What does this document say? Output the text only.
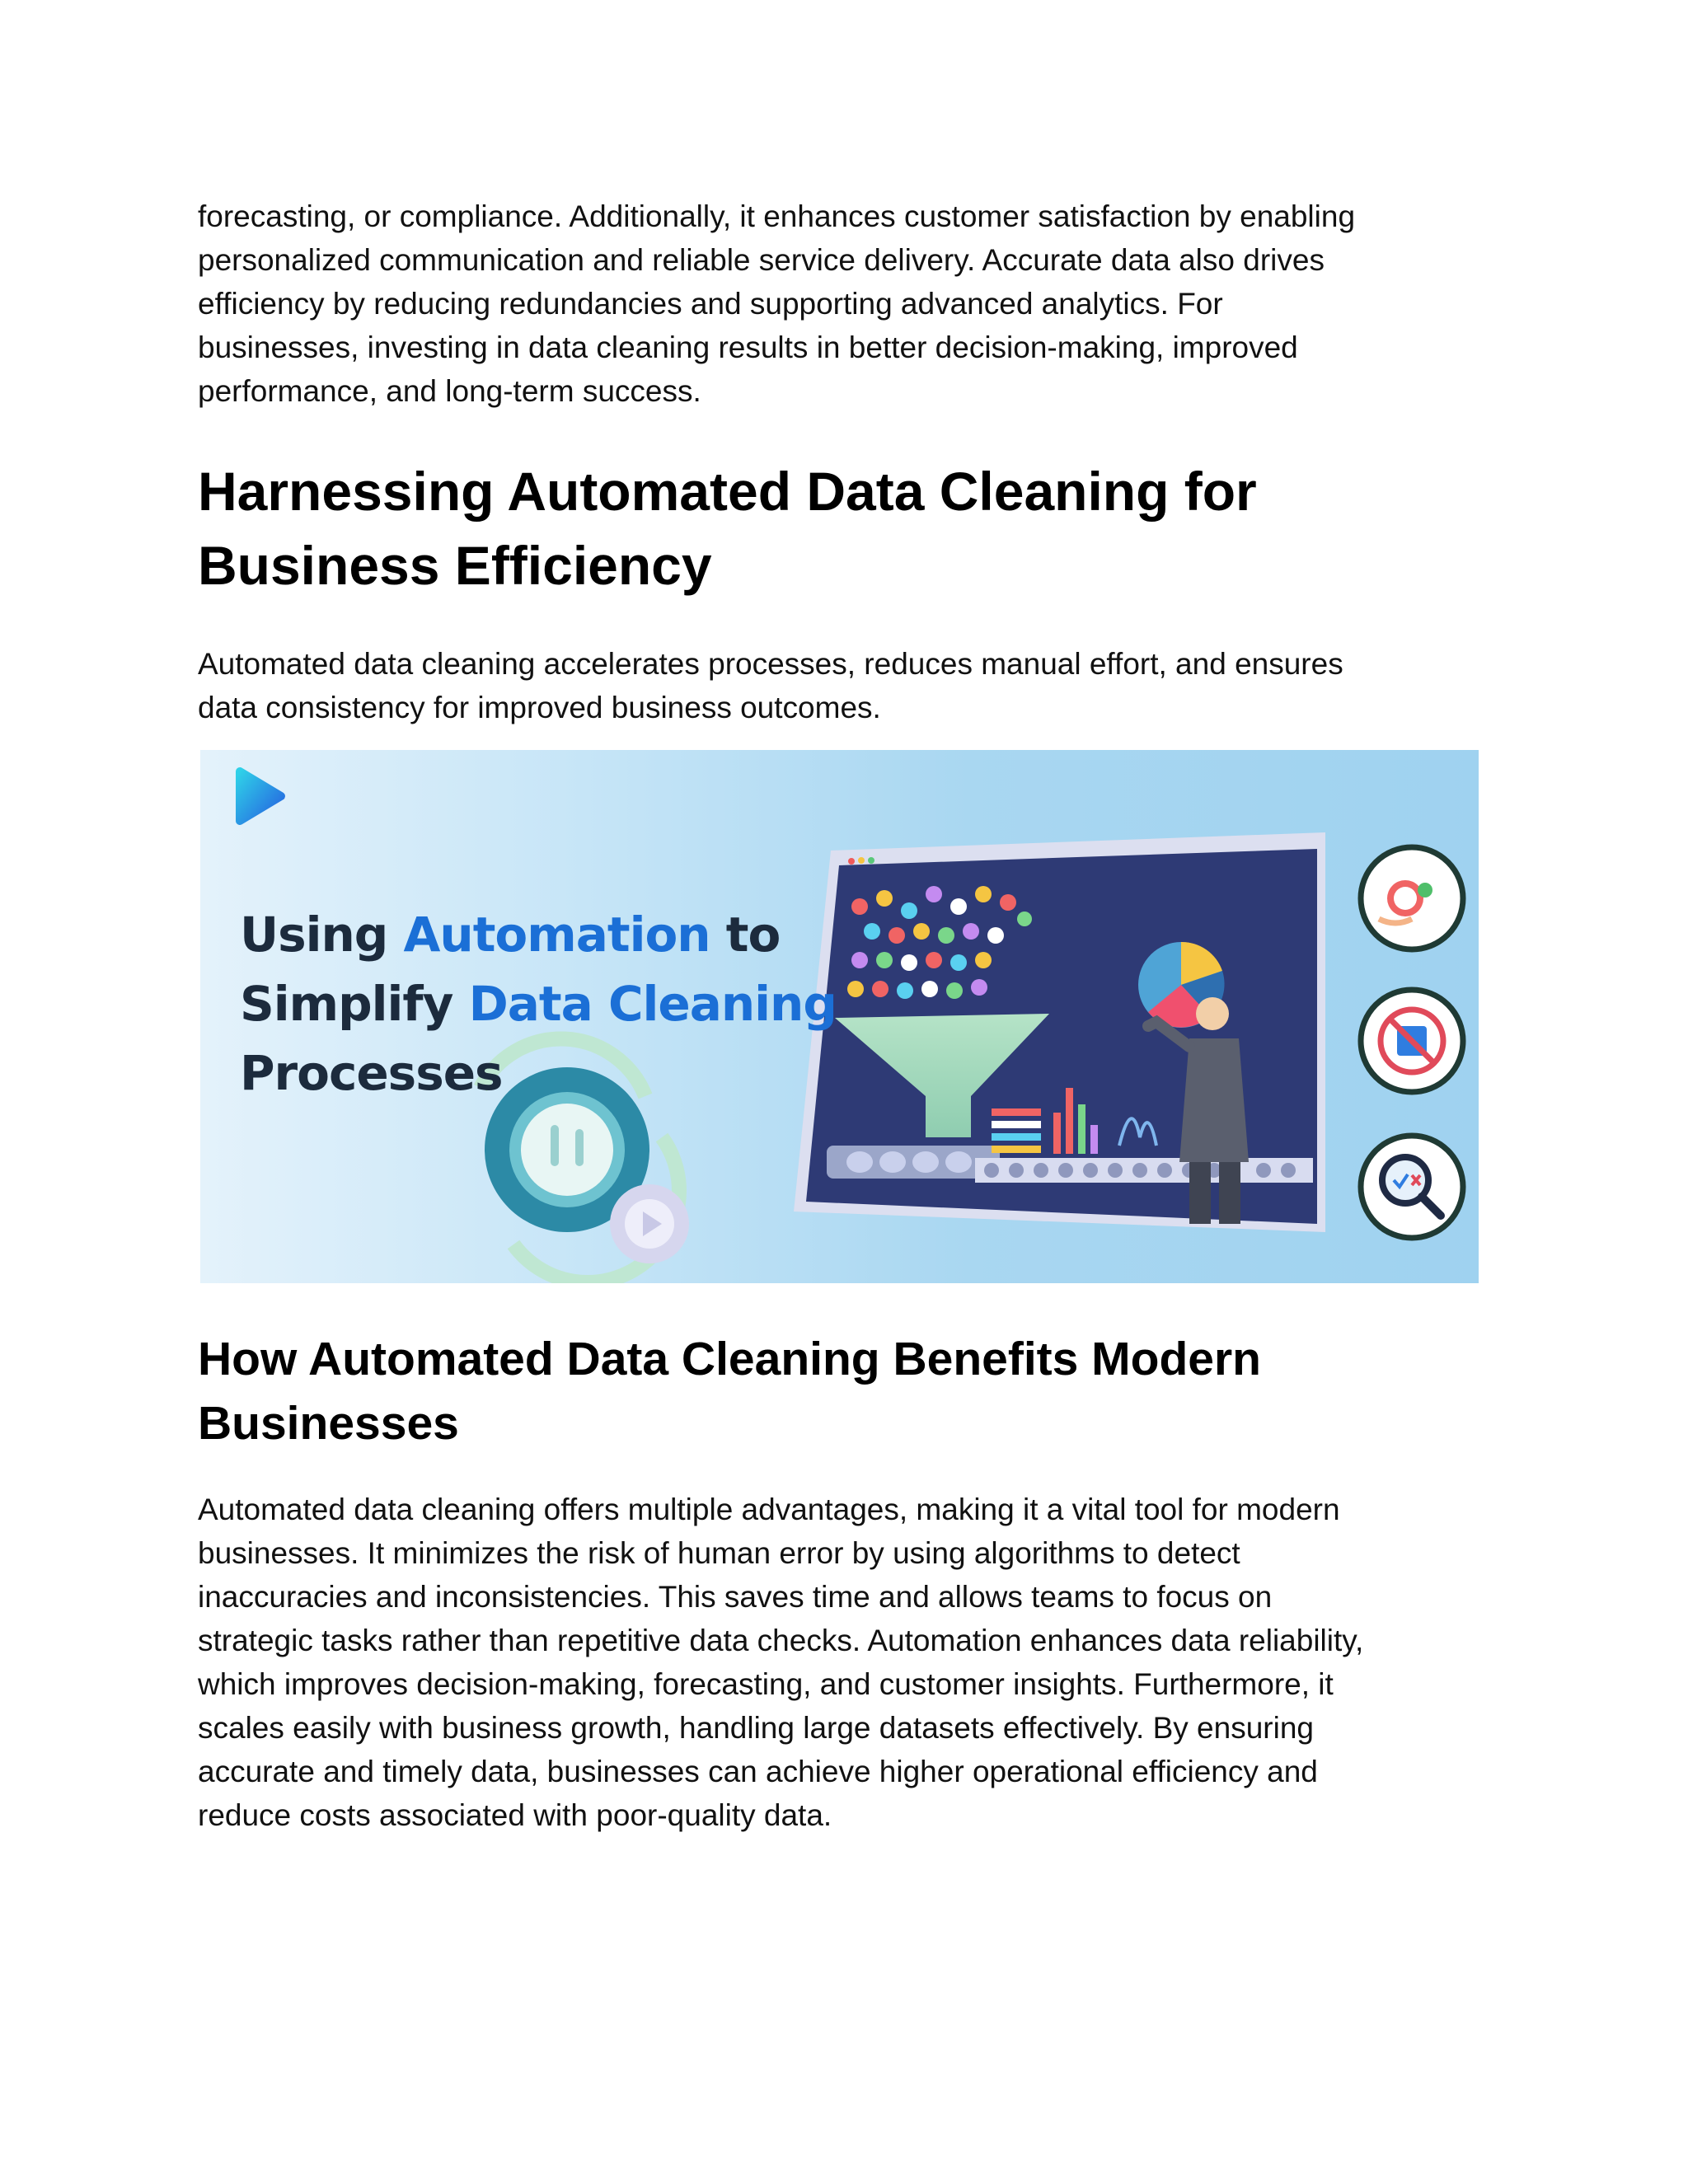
forecasting, or compliance. Additionally, it enhances customer satisfaction by enabling

personalized communication and reliable service delivery. Accurate data also drives

efficiency by reducing redundancies and supporting advanced analytics. For

businesses, investing in data cleaning results in better decision-making, improved

performance, and long-term success.

Harnessing Automated Data Cleaning for
Business Efficiency

Automated data cleaning accelerates processes, reduces manual effort, and ensures

data consistency for improved business outcomes.

Using Automation to
Simplify Data Cleaning
Processes
How Automated Data Cleaning Benefits Modern
Businesses

Automated data cleaning offers multiple advantages, making it a vital tool for modern

businesses. It minimizes the risk of human error by using algorithms to detect

inaccuracies and inconsistencies. This saves time and allows teams to focus on

strategic tasks rather than repetitive data checks. Automation enhances data reliability,

which improves decision-making, forecasting, and customer insights. Furthermore, it

scales easily with business growth, handling large datasets effectively. By ensuring

accurate and timely data, businesses can achieve higher operational efficiency and

reduce costs associated with poor-quality data.
